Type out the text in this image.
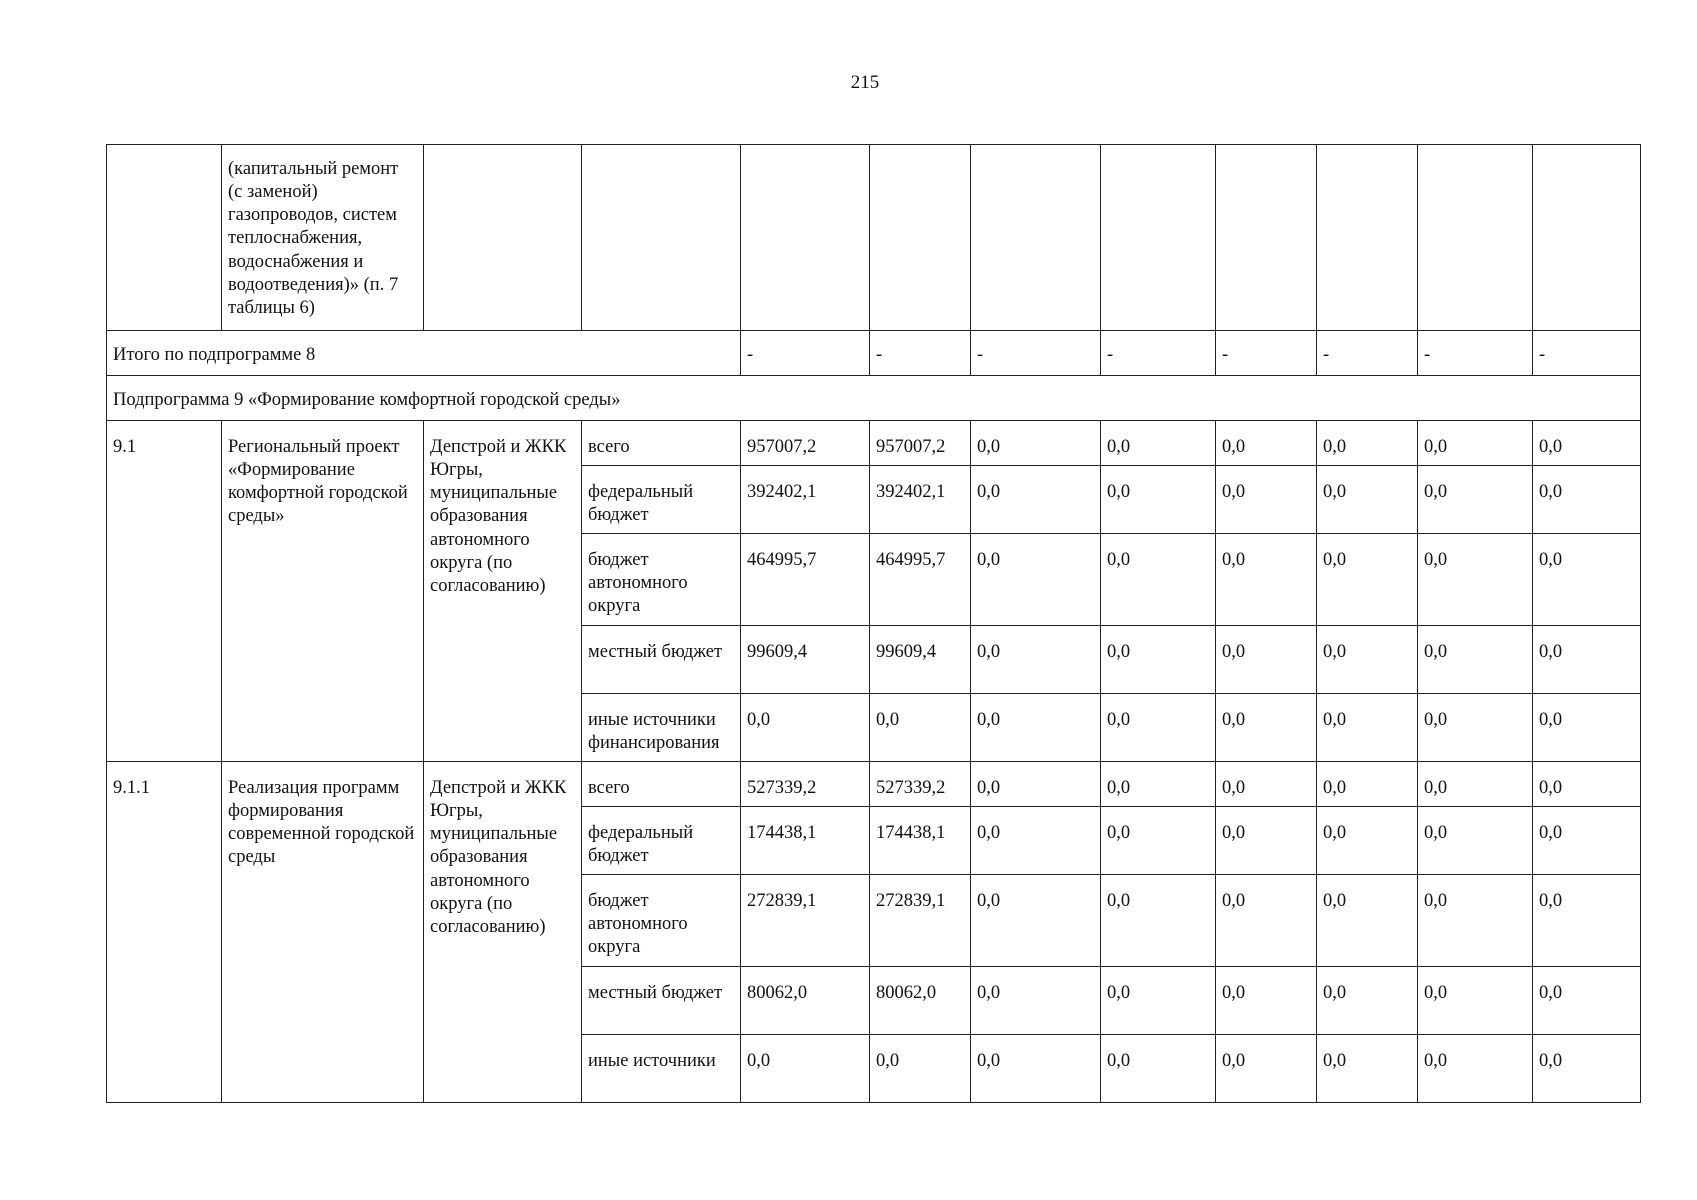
215
	(капитальный ремонт (с заменой) газопроводов, систем теплоснабжения, водоснабжения и водоотведения)» (п. 7 таблицы 6)										
Итого по подпрограмме 8				-	-	-	-	-	-	-	-
Подпрограмма 9 «Формирование комфортной городской среды»											
9.1	Региональный проект «Формирование комфортной городской среды»	Депстрой и ЖКК Югры, муниципальные образования автономного округа (по согласованию)	всего	957007,2	957007,2	0,0	0,0	0,0	0,0	0,0	0,0
			федеральный бюджет	392402,1	392402,1	0,0	0,0	0,0	0,0	0,0	0,0
			бюджет автономного округа	464995,7	464995,7	0,0	0,0	0,0	0,0	0,0	0,0
			местный бюджет	99609,4	99609,4	0,0	0,0	0,0	0,0	0,0	0,0
			иные источники финансирования	0,0	0,0	0,0	0,0	0,0	0,0	0,0	0,0
9.1.1	Реализация программ формирования современной городской среды	Депстрой и ЖКК Югры, муниципальные образования автономного округа (по согласованию)	всего	527339,2	527339,2	0,0	0,0	0,0	0,0	0,0	0,0
			федеральный бюджет	174438,1	174438,1	0,0	0,0	0,0	0,0	0,0	0,0
			бюджет автономного округа	272839,1	272839,1	0,0	0,0	0,0	0,0	0,0	0,0
			местный бюджет	80062,0	80062,0	0,0	0,0	0,0	0,0	0,0	0,0
			иные источники	0,0	0,0	0,0	0,0	0,0	0,0	0,0	0,0
